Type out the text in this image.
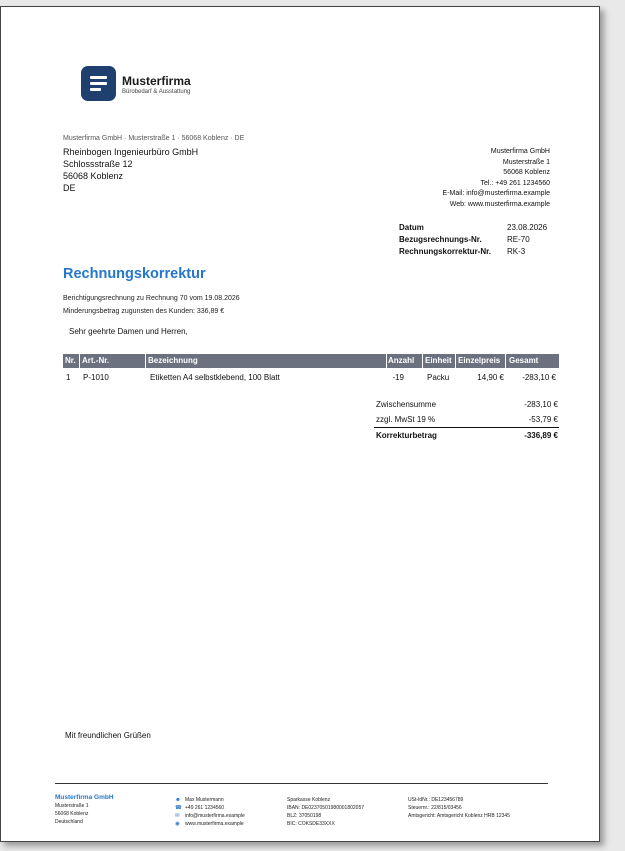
Musterfirma
Bürobedarf & Ausstattung
Musterfirma GmbH · Musterstraße 1 · 56068 Koblenz · DE
Rheinbogen Ingenieurbüro GmbH
Schlossstraße 12
56068 Koblenz
DE
Musterfirma GmbH
Musterstraße 1
56068 Koblenz
Tel.: +49 261 1234560
E-Mail: info@musterfirma.example
Web: www.musterfirma.example
Datum	23.08.2026
Bezugsrechnungs-Nr.	RE-70
Rechnungskorrektur-Nr.	RK-3
Rechnungskorrektur
Berichtigungsrechnung zu Rechnung 70 vom 19.08.2026
Minderungsbetrag zugunsten des Kunden: 336,89 €
Sehr geehrte Damen und Herren,
Nr. Art.-Nr.	Bezeichnung	Anzahl Einheit Einzelpreis Gesamt
1 P-1010	Etiketten A4 selbstklebend, 100 Blatt	-19	Packu	14,90 € -283,10 €
Zwischensumme	-283,10 €
zzgl. MwSt 19 %	-53,79 €
Korrekturbetrag	-336,89 €
Mit freundlichen Grüßen
Musterfirma GmbH
Musterstraße 1
56068 Koblenz
Deutschland
☻ Max Mustermann
☎ +49 261 1234560
✉ info@musterfirma.example
◉ www.musterfirma.example
Sparkasse Koblenz
IBAN: DE02370501980001802057
BLZ: 37050198
BIC: COKSDE33XXX
USt-IdNr.: DE123456789
Steuernr.: 22/815/03456
Amtsgericht: Amtsgericht Koblenz HRB 12345
